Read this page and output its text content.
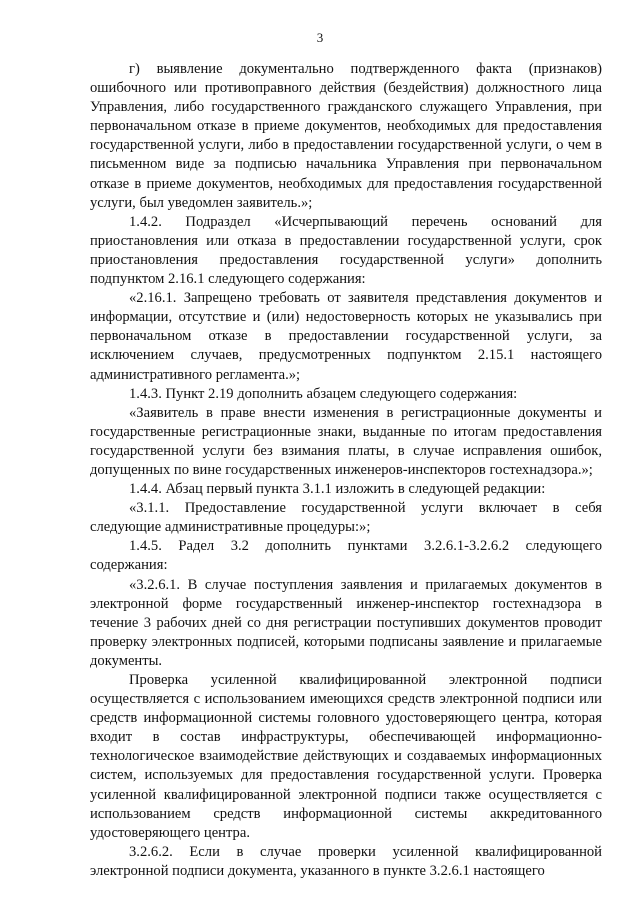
3

г) выявление документально подтвержденного факта (признаков) ошибочного или противоправного действия (бездействия) должностного лица Управления, либо государственного гражданского служащего Управления, при первоначальном отказе в приеме документов, необходимых для предоставления государственной услуги, либо в предоставлении государственной услуги, о чем в письменном виде за подписью начальника Управления при первоначальном отказе в приеме документов, необходимых для предоставления государственной услуги, был уведомлен заявитель.»;

1.4.2. Подраздел «Исчерпывающий перечень оснований для приостановления или отказа в предоставлении государственной услуги, срок приостановления предоставления государственной услуги» дополнить подпунктом 2.16.1 следующего содержания:

«2.16.1. Запрещено требовать от заявителя представления документов и информации, отсутствие и (или) недостоверность которых не указывались при первоначальном отказе в предоставлении государственной услуги, за исключением случаев, предусмотренных подпунктом 2.15.1 настоящего административного регламента.»;

1.4.3. Пункт 2.19 дополнить абзацем следующего содержания:

«Заявитель в праве внести изменения в регистрационные документы и государственные регистрационные знаки, выданные по итогам предоставления государственной услуги без взимания платы, в случае исправления ошибок, допущенных по вине государственных инженеров-инспекторов гостехнадзора.»;

1.4.4. Абзац первый пункта 3.1.1 изложить в следующей редакции:

«3.1.1. Предоставление государственной услуги включает в себя следующие административные процедуры:»;

1.4.5. Радел 3.2 дополнить пунктами 3.2.6.1-3.2.6.2 следующего содержания:

«3.2.6.1. В случае поступления заявления и прилагаемых документов в электронной форме государственный инженер-инспектор гостехнадзора в течение 3 рабочих дней со дня регистрации поступивших документов проводит проверку электронных подписей, которыми подписаны заявление и прилагаемые документы.

Проверка усиленной квалифицированной электронной подписи осуществляется с использованием имеющихся средств электронной подписи или средств информационной системы головного удостоверяющего центра, которая входит в состав инфраструктуры, обеспечивающей информационно-технологическое взаимодействие действующих и создаваемых информационных систем, используемых для предоставления государственной услуги. Проверка усиленной квалифицированной электронной подписи также осуществляется с использованием средств информационной системы аккредитованного удостоверяющего центра.

3.2.6.2. Если в случае проверки усиленной квалифицированной электронной подписи документа, указанного в пункте 3.2.6.1 настоящего
